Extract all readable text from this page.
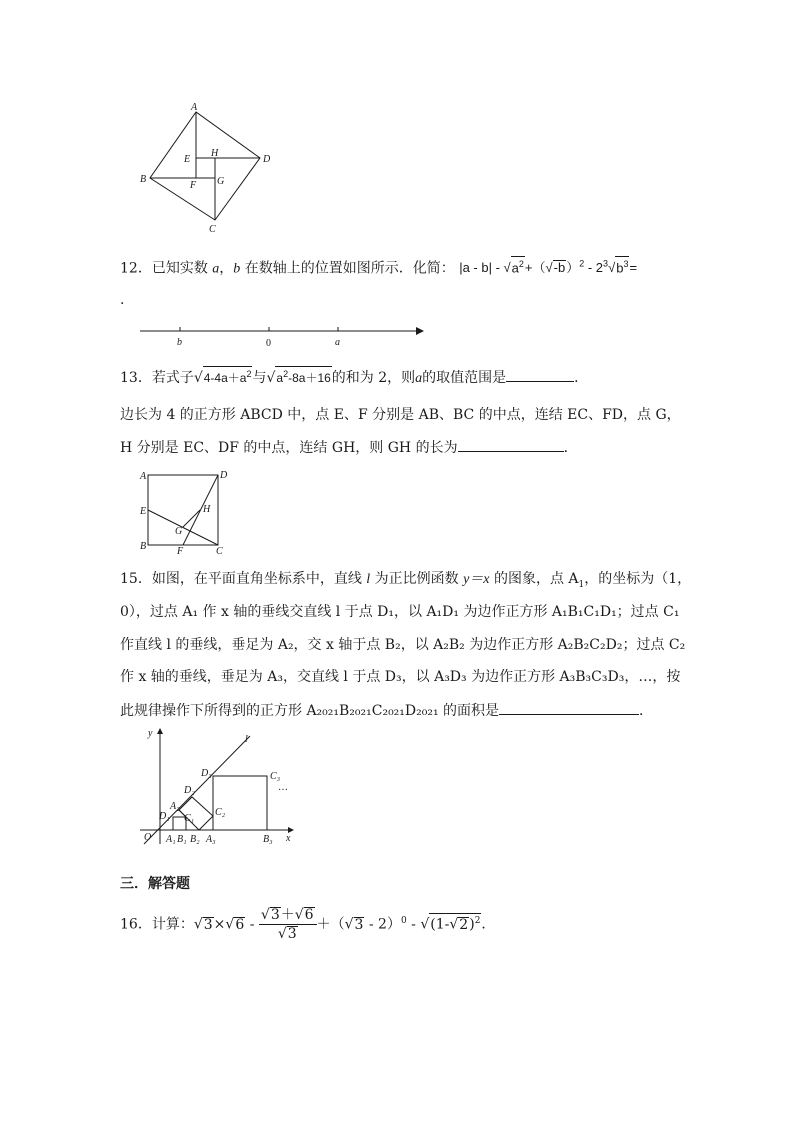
A
B
C
D
E
F G
H
12．已知实数 a，b 在数轴上的位置如图所示．化简： $|a - b| - √a^2+(√-b)^2 - 2^3√b^3=$
.
b	0	a
13．若式子$√4-4a+a^2$与$√a^2-8a+16$的和为 2，则a的取值范围是	．
边长为 4 的正方形 ABCD 中，点 E、F 分别是 AB、BC 的中点，连结 EC、FD，点 G，
H 分别是 EC、DF 的中点，连结 GH，则 GH 的长为	．
A	D
E
B	F	C
G
H
15．如图，在平面直角坐标系中，直线 l 为正比例函数 y＝x 的图象，点 $A_1$，的坐标为（1，
0），过点 A₁ 作 x 轴的垂线交直线 l 于点 D₁，以 A₁D₁ 为边作正方形 A₁B₁C₁D₁；过点 C₁
作直线 l 的垂线，垂足为 A₂，交 x 轴于点 B₂，以 A₂B₂ 为边作正方形 A₂B₂C₂D₂；过点 C₂
作 x 轴的垂线，垂足为 A₃，交直线 l 于点 D₃，以 A₃D₃ 为边作正方形 A₃B₃C₃D₃，…，按
此规律操作下所得到的正方形 A₂₀₂₁B₂₀₂₁C₂₀₂₁D₂₀₂₁ 的面积是	．
y
x
l
O
D₃	C₃
D₂
A₂
C₁
D₁	C₂
A₁ B₁ B₂ A₃	B₃
…
三．解答题
16．计算：$√3\times√6 - \frac{√3+√6}{√3} +(√3 - 2)^0 - √(1-√2)^2$．
